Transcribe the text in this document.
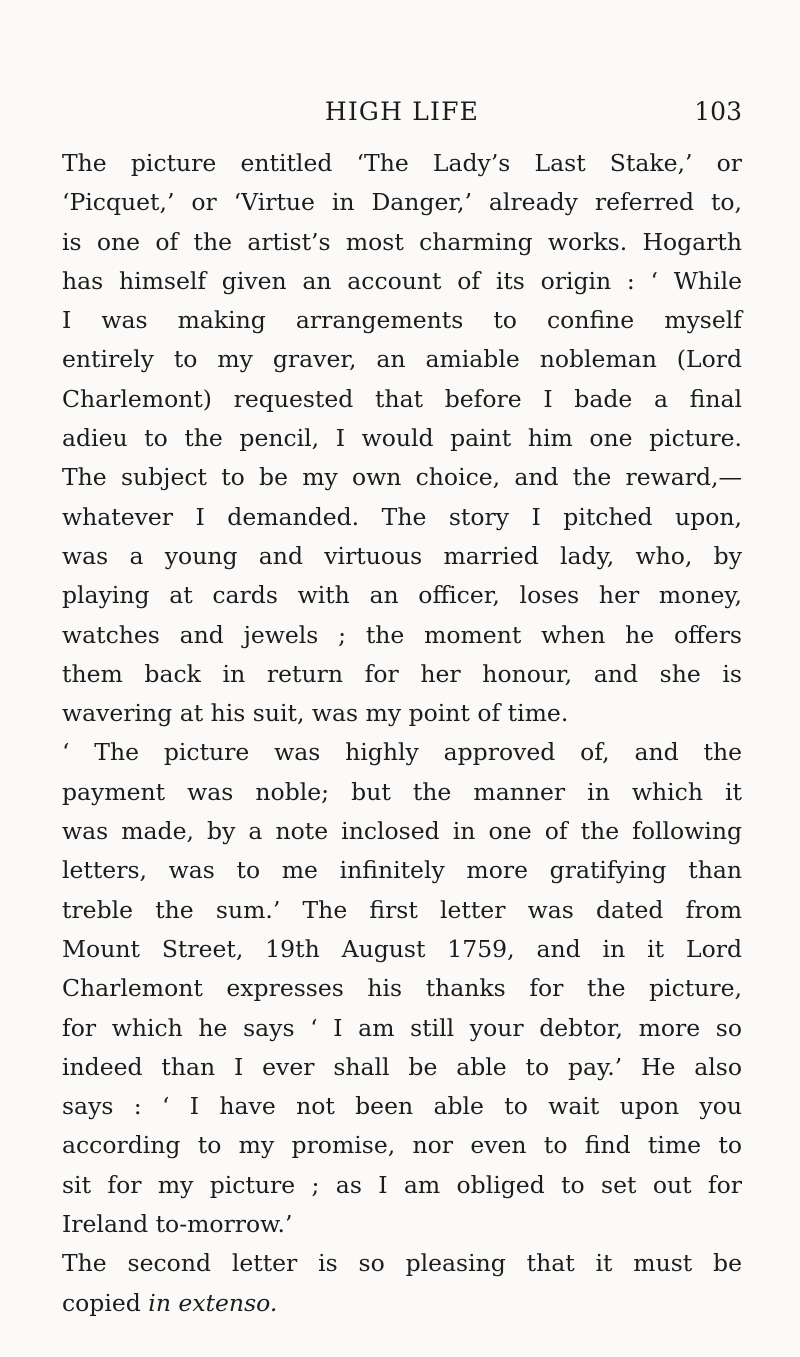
HIGH LIFE	103
The picture entitled ‘The Lady’s Last Stake,’ or
‘Picquet,’ or ‘Virtue in Danger,’ already referred to,
is one of the artist’s most charming works. Hogarth
has himself given an account of its origin : ‘ While
I was making arrangements to confine myself
entirely to my graver, an amiable nobleman (Lord
Charlemont) requested that before I bade a final
adieu to the pencil, I would paint him one picture.
The subject to be my own choice, and the reward,—
whatever I demanded. The story I pitched upon,
was a young and virtuous married lady, who, by
playing at cards with an officer, loses her money,
watches and jewels ; the moment when he offers
them back in return for her honour, and she is
wavering at his suit, was my point of time.
‘ The picture was highly approved of, and the
payment was noble; but the manner in which it
was made, by a note inclosed in one of the following
letters, was to me infinitely more gratifying than
treble the sum.’ The first letter was dated from
Mount Street, 19th August 1759, and in it Lord
Charlemont expresses his thanks for the picture,
for which he says ‘ I am still your debtor, more so
indeed than I ever shall be able to pay.’ He also
says : ‘ I have not been able to wait upon you
according to my promise, nor even to find time to
sit for my picture ; as I am obliged to set out for
Ireland to-morrow.’
The second letter is so pleasing that it must be
copied in extenso.
